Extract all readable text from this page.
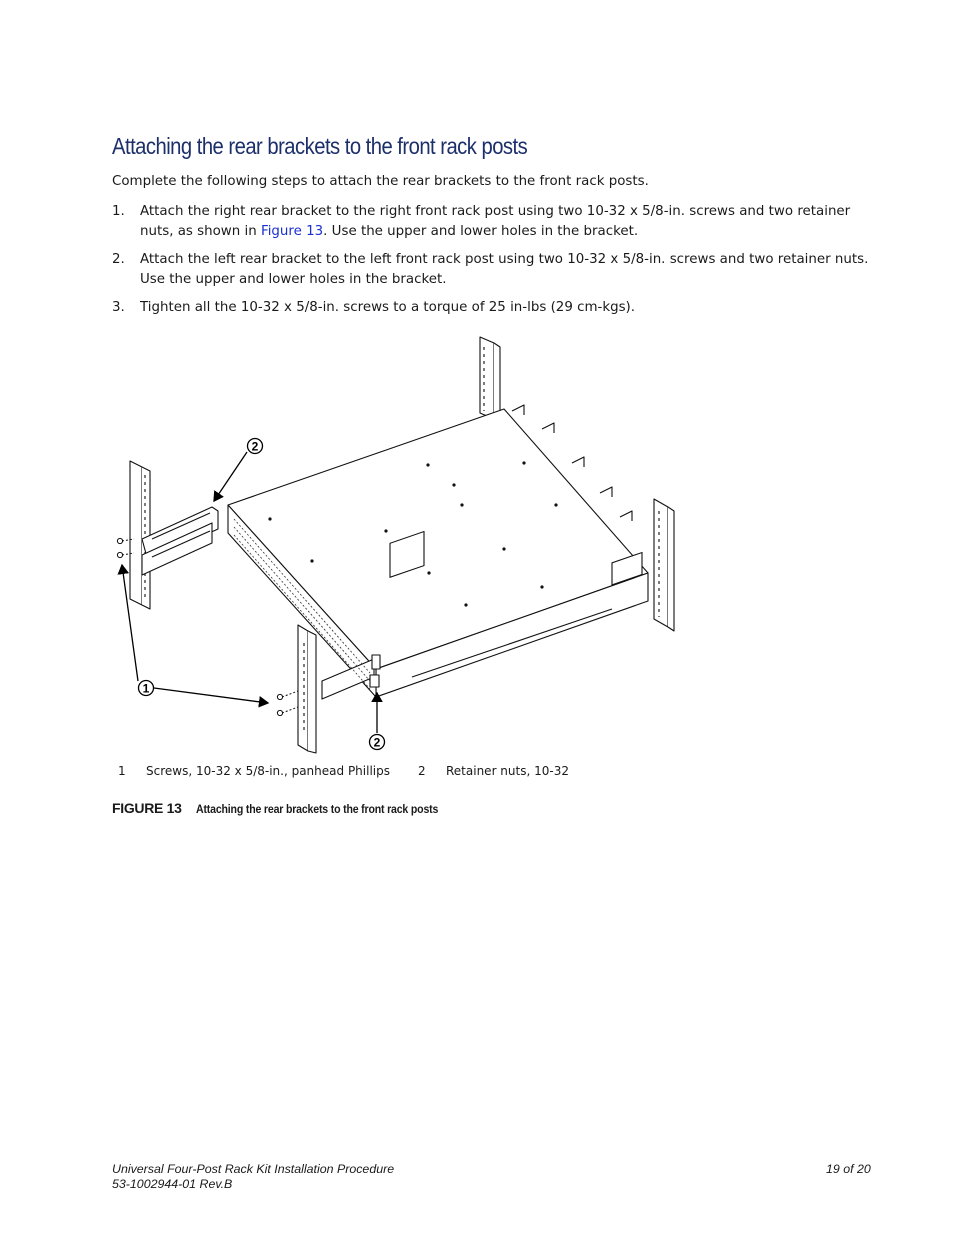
Attaching the rear brackets to the front rack posts

Complete the following steps to attach the rear brackets to the front rack posts.

1. Attach the right rear bracket to the right front rack post using two 10-32 x 5/8-in. screws and two retainer nuts, as shown in Figure 13. Use the upper and lower holes in the bracket.
2. Attach the left rear bracket to the left front rack post using two 10-32 x 5/8-in. screws and two retainer nuts. Use the upper and lower holes in the bracket.
3. Tighten all the 10-32 x 5/8-in. screws to a torque of 25 in-lbs (29 cm-kgs).
2
1
2
1 Screws, 10-32 x 5/8-in., panhead Phillips 2 Retainer nuts, 10-32
FIGURE 13 Attaching the rear brackets to the front rack posts
Universal Four-Post Rack Kit Installation Procedure
53-1002944-01 Rev.B
19 of 20
